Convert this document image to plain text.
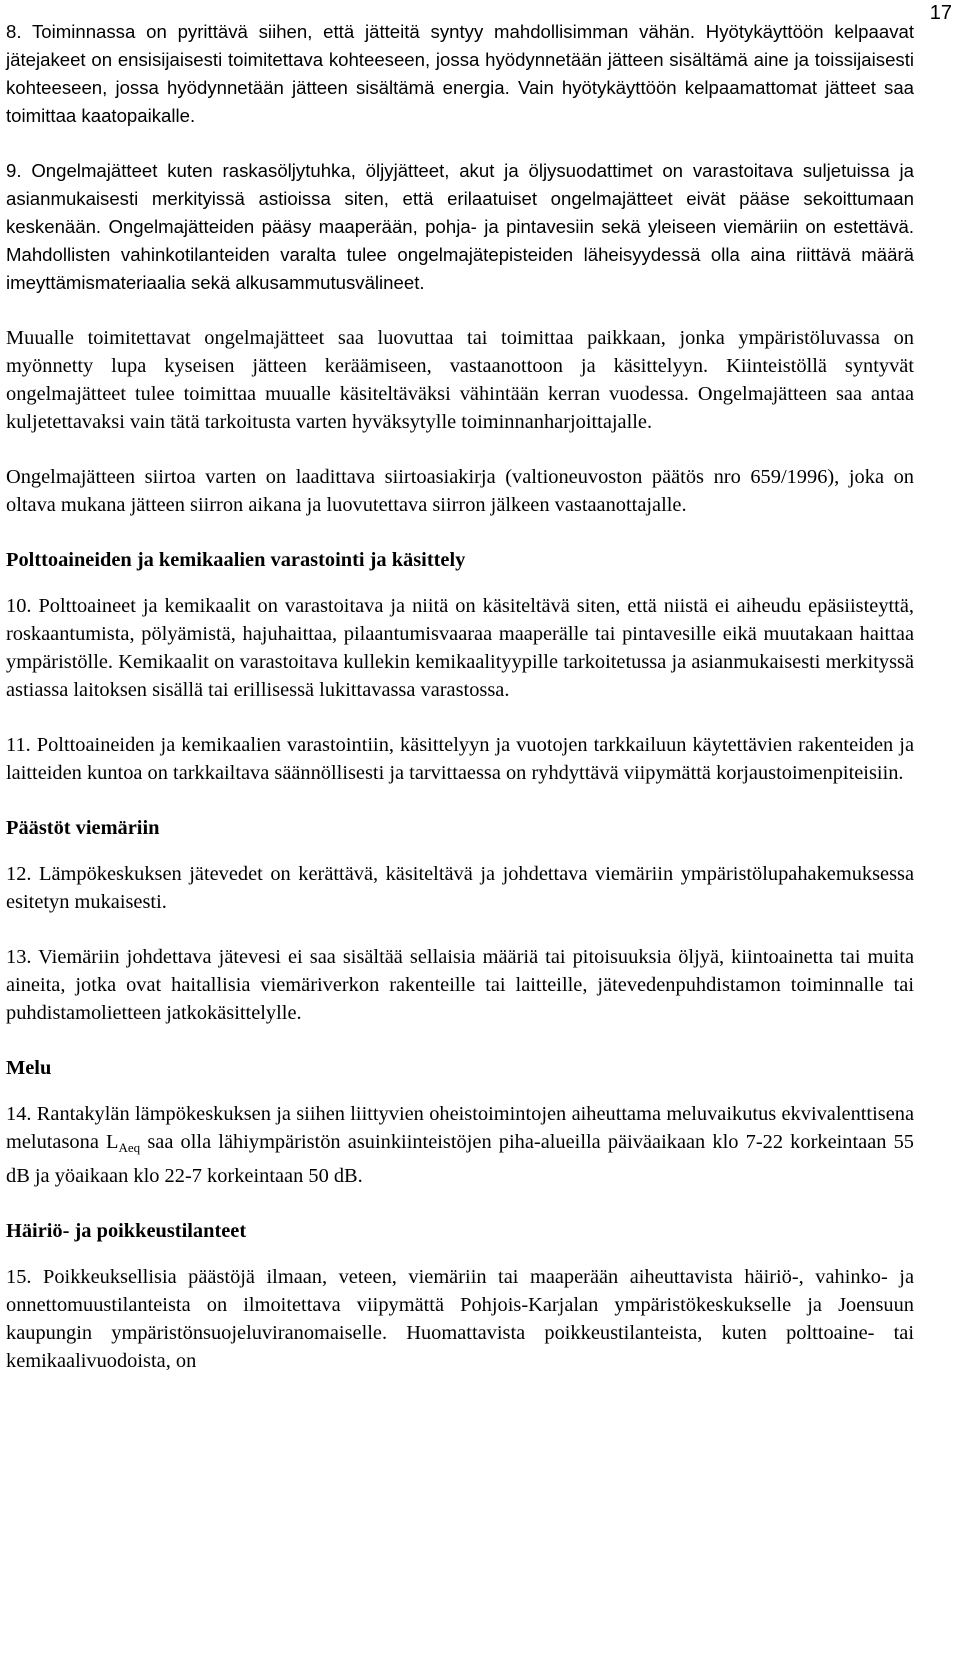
17

8. Toiminnassa on pyrittävä siihen, että jätteitä syntyy mahdollisimman vähän. Hyötykäyttöön kelpaavat jätejakeet on ensisijaisesti toimitettava kohteeseen, jossa hyödynnetään jätteen sisältämä aine ja toissijaisesti kohteeseen, jossa hyödynnetään jätteen sisältämä energia. Vain hyötykäyttöön kelpaamattomat jätteet saa toimittaa kaatopaikalle.

9. Ongelmajätteet kuten raskasöljytuhka, öljyjätteet, akut ja öljysuodattimet on varastoitava suljetuissa ja asianmukaisesti merkityissä astioissa siten, että erilaatuiset ongelmajätteet eivät pääse sekoittumaan keskenään. Ongelmajätteiden pääsy maaperään, pohja- ja pintavesiin sekä yleiseen viemäriin on estettävä. Mahdollisten vahinkotilanteiden varalta tulee ongelmajätepisteiden läheisyydessä olla aina riittävä määrä imeyttämismateriaalia sekä alkusammutusvälineet.

Muualle toimitettavat ongelmajätteet saa luovuttaa tai toimittaa paikkaan, jonka ympäristöluvassa on myönnetty lupa kyseisen jätteen keräämiseen, vastaanottoon ja käsittelyyn. Kiinteistöllä syntyvät ongelmajätteet tulee toimittaa muualle käsiteltäväksi vähintään kerran vuodessa. Ongelmajätteen saa antaa kuljetettavaksi vain tätä tarkoitusta varten hyväksytylle toiminnanharjoittajalle.

Ongelmajätteen siirtoa varten on laadittava siirtoasiakirja (valtioneuvoston päätös nro 659/1996), joka on oltava mukana jätteen siirron aikana ja luovutettava siirron jälkeen vastaanottajalle.

Polttoaineiden ja kemikaalien varastointi ja käsittely

10. Polttoaineet ja kemikaalit on varastoitava ja niitä on käsiteltävä siten, että niistä ei aiheudu epäsiisteyttä, roskaantumista, pölyämistä, hajuhaittaa, pilaantumisvaaraa maaperälle tai pintavesille eikä muutakaan haittaa ympäristölle. Kemikaalit on varastoitava kullekin kemikaalityypille tarkoitetussa ja asianmukaisesti merkityssä astiassa laitoksen sisällä tai erillisessä lukittavassa varastossa.

11. Polttoaineiden ja kemikaalien varastointiin, käsittelyyn ja vuotojen tarkkailuun käytettävien rakenteiden ja laitteiden kuntoa on tarkkailtava säännöllisesti ja tarvittaessa on ryhdyttävä viipymättä korjaustoimenpiteisiin.

Päästöt viemäriin

12. Lämpökeskuksen jätevedet on kerättävä, käsiteltävä ja johdettava viemäriin ympäristölupahakemuksessa esitetyn mukaisesti.

13. Viemäriin johdettava jätevesi ei saa sisältää sellaisia määriä tai pitoisuuksia öljyä, kiintoainetta tai muita aineita, jotka ovat haitallisia viemäriverkon rakenteille tai laitteille, jätevedenpuhdistamon toiminnalle tai puhdistamolietteen jatkokäsittelylle.

Melu

14. Rantakylän lämpökeskuksen ja siihen liittyvien oheistoimintojen aiheuttama meluvaikutus ekvivalenttisena melutasona $L_{Aeq}$ saa olla lähiympäristön asuinkiinteistöjen piha-alueilla päiväaikaan klo 7-22 korkeintaan 55 dB ja yöaikaan klo 22-7 korkeintaan 50 dB.

Häiriö- ja poikkeustilanteet

15. Poikkeuksellisia päästöjä ilmaan, veteen, viemäriin tai maaperään aiheuttavista häiriö-, vahinko- ja onnettomuustilanteista on ilmoitettava viipymättä Pohjois-Karjalan ympäristökeskukselle ja Joensuun kaupungin ympäristönsuojeluviranomaiselle. Huomattavista poikkeustilanteista, kuten polttoaine- tai kemikaalivuodoista, on
